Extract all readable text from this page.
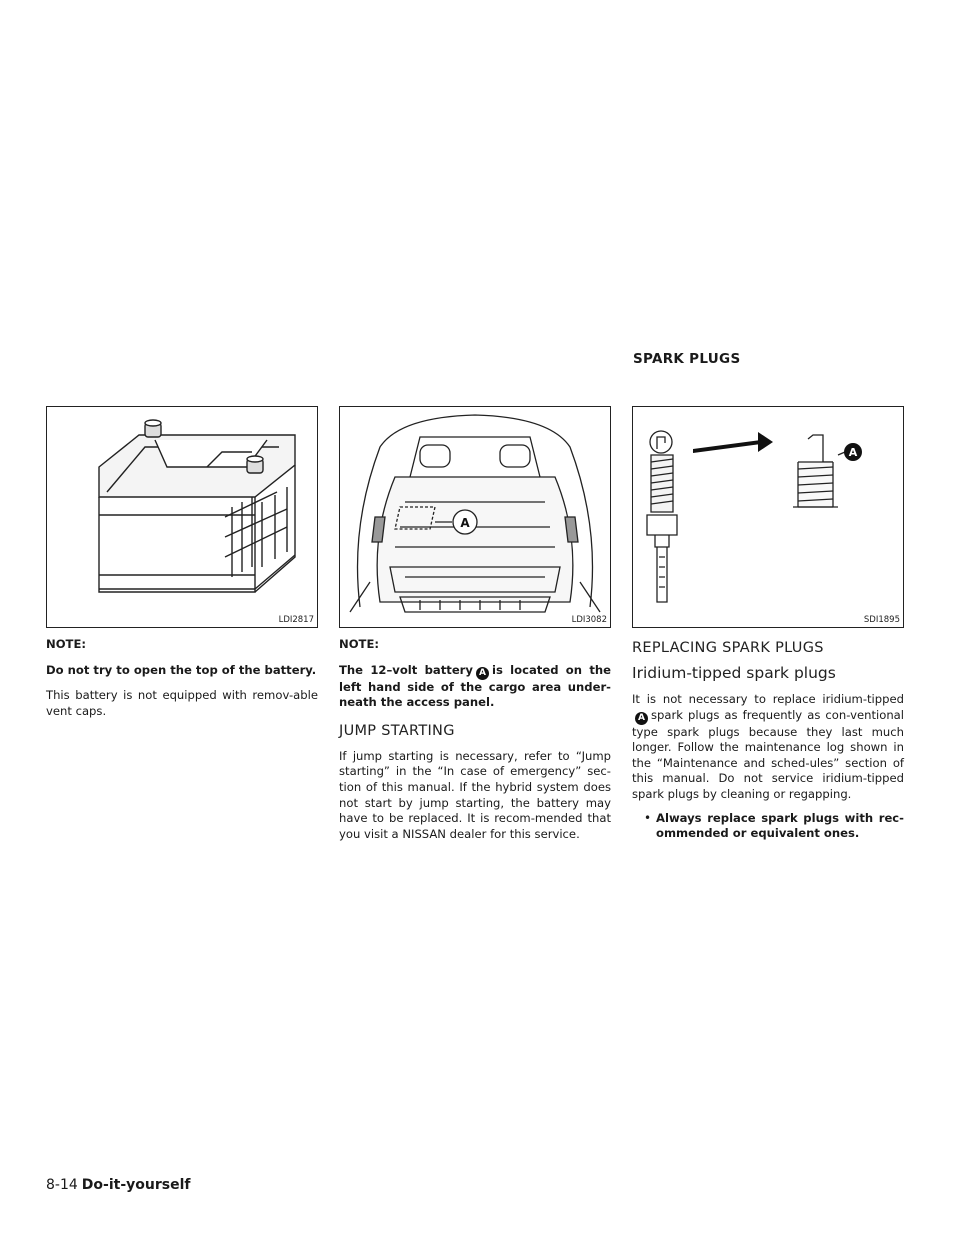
SPARK PLUGS
LDI2817

NOTE:

Do not try to open the top of the battery.

This battery is not equipped with remov-able vent caps.

A
LDI3082

NOTE:

The 12–volt battery A is located on the left hand side of the cargo area under-neath the access panel.

JUMP STARTING

If jump starting is necessary, refer to “Jump starting” in the “In case of emergency” sec-tion of this manual. If the hybrid system does not start by jump starting, the battery may have to be replaced. It is recom-mended that you visit a NISSAN dealer for this service.

A
SDI1895
REPLACING SPARK PLUGS
Iridium-tipped spark plugs

It is not necessary to replace iridium-tippedA spark plugs as frequently as con-ventional type spark plugs because they last much longer. Follow the maintenance log shown in the “Maintenance and sched-ules” section of this manual. Do not service iridium-tipped spark plugs by cleaning or regapping.

• Always replace spark plugs with rec-ommended or equivalent ones.
8-14 Do-it-yourself
